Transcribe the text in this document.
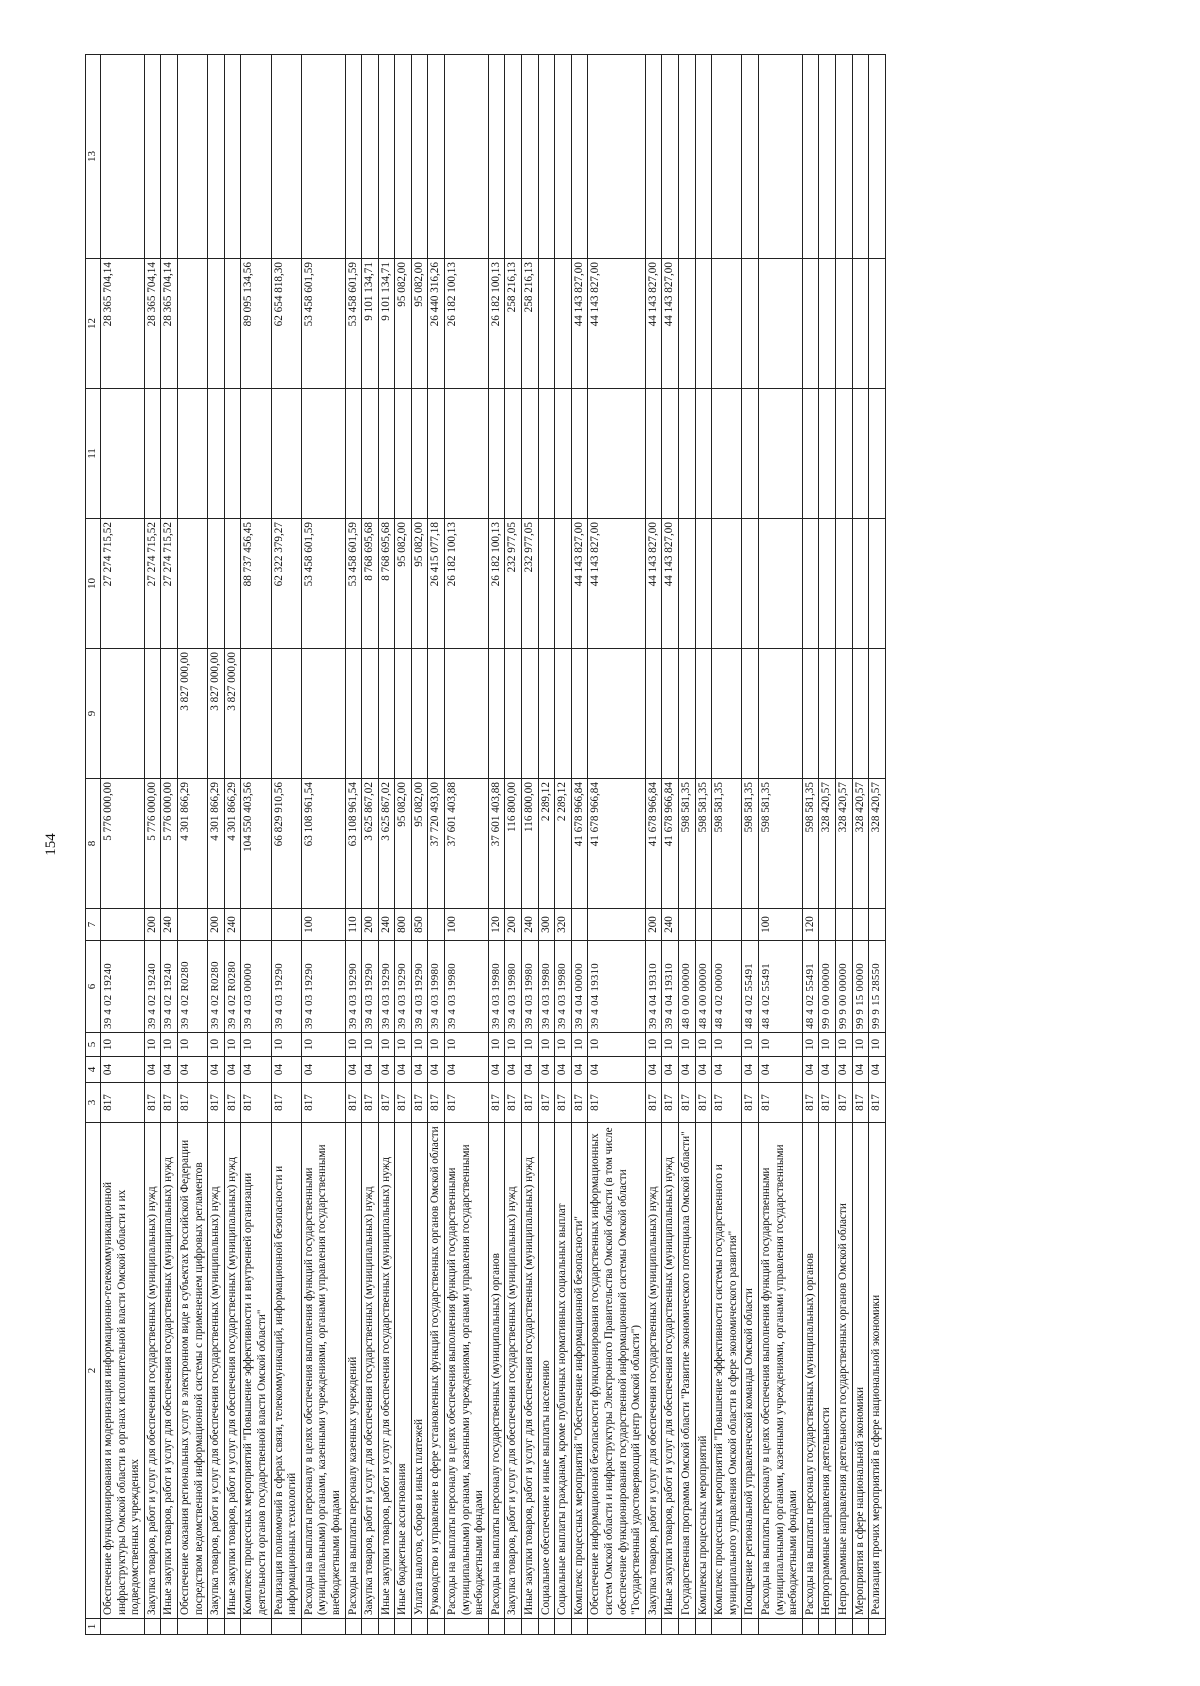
154
1	2	3	4	5	6	7	8	9	10	11	12	13
	Обеспечение функционирования и модернизация информационно-телекоммуникационной инфраструктуры Омской области в органах исполнительной власти Омской области и их подведомственных учреждениях	817	04	10	39 4 02 19240		5 776 000,00		27 274 715,52		28 365 704,14	
	Закупка товаров, работ и услуг для обеспечения государственных (муниципальных) нужд	817	04	10	39 4 02 19240	200	5 776 000,00		27 274 715,52		28 365 704,14	
	Иные закупки товаров, работ и услуг для обеспечения государственных (муниципальных) нужд	817	04	10	39 4 02 19240	240	5 776 000,00		27 274 715,52		28 365 704,14	
	Обеспечение оказания региональных услуг в электронном виде в субъектах Российской Федерации посредством ведомственной информационной системы с применением цифровых регламентов	817	04	10	39 4 02 R0280		4 301 866,29	3 827 000,00				
	Закупка товаров, работ и услуг для обеспечения государственных (муниципальных) нужд	817	04	10	39 4 02 R0280	200	4 301 866,29	3 827 000,00				
	Иные закупки товаров, работ и услуг для обеспечения государственных (муниципальных) нужд	817	04	10	39 4 02 R0280	240	4 301 866,29	3 827 000,00				
	Комплекс процессных мероприятий "Повышение эффективности и внутренней организации деятельности органов государственной власти Омской области"	817	04	10	39 4 03 00000		104 550 403,56		88 737 456,45		89 095 134,56	
	Реализация полномочий в сферах связи, телекоммуникаций, информационной безопасности и информационных технологий	817	04	10	39 4 03 19290		66 829 910,56		62 322 379,27		62 654 818,30	
	Расходы на выплаты персоналу в целях обеспечения выполнения функций государственными (муниципальными) органами, казенными учреждениями, органами управления государственными внебюджетными фондами	817	04	10	39 4 03 19290	100	63 108 961,54		53 458 601,59		53 458 601,59	
	Расходы на выплаты персоналу казенных учреждений	817	04	10	39 4 03 19290	110	63 108 961,54		53 458 601,59		53 458 601,59	
	Закупка товаров, работ и услуг для обеспечения государственных (муниципальных) нужд	817	04	10	39 4 03 19290	200	3 625 867,02		8 768 695,68		9 101 134,71	
	Иные закупки товаров, работ и услуг для обеспечения государственных (муниципальных) нужд	817	04	10	39 4 03 19290	240	3 625 867,02		8 768 695,68		9 101 134,71	
	Иные бюджетные ассигнования	817	04	10	39 4 03 19290	800	95 082,00		95 082,00		95 082,00	
	Уплата налогов, сборов и иных платежей	817	04	10	39 4 03 19290	850	95 082,00		95 082,00		95 082,00	
	Руководство и управление в сфере установленных функций государственных органов Омской области	817	04	10	39 4 03 19980		37 720 493,00		26 415 077,18		26 440 316,26	
	Расходы на выплаты персоналу в целях обеспечения выполнения функций государственными (муниципальными) органами, казенными учреждениями, органами управления государственными внебюджетными фондами	817	04	10	39 4 03 19980	100	37 601 403,88		26 182 100,13		26 182 100,13	
	Расходы на выплаты персоналу государственных (муниципальных) органов	817	04	10	39 4 03 19980	120	37 601 403,88		26 182 100,13		26 182 100,13	
	Закупка товаров, работ и услуг для обеспечения государственных (муниципальных) нужд	817	04	10	39 4 03 19980	200	116 800,00		232 977,05		258 216,13	
	Иные закупки товаров, работ и услуг для обеспечения государственных (муниципальных) нужд	817	04	10	39 4 03 19980	240	116 800,00		232 977,05		258 216,13	
	Социальное обеспечение и иные выплаты населению	817	04	10	39 4 03 19980	300	2 289,12					
	Социальные выплаты гражданам, кроме публичных нормативных социальных выплат	817	04	10	39 4 03 19980	320	2 289,12					
	Комплекс процессных мероприятий "Обеспечение информационной безопасности"	817	04	10	39 4 04 00000		41 678 966,84		44 143 827,00		44 143 827,00	
	Обеспечение информационной безопасности функционирования государственных информационных систем Омской области и инфраструктуры Электронного Правительства Омской области (в том числе обеспечение функционирования государственной информационной системы Омской области "Государственный удостоверяющий центр Омской области")	817	04	10	39 4 04 19310		41 678 966,84		44 143 827,00		44 143 827,00	
	Закупка товаров, работ и услуг для обеспечения государственных (муниципальных) нужд	817	04	10	39 4 04 19310	200	41 678 966,84		44 143 827,00		44 143 827,00	
	Иные закупки товаров, работ и услуг для обеспечения государственных (муниципальных) нужд	817	04	10	39 4 04 19310	240	41 678 966,84		44 143 827,00		44 143 827,00	
	Государственная программа Омской области "Развитие экономического потенциала Омской области"	817	04	10	48 0 00 00000		598 581,35					
	Комплексы процессных мероприятий	817	04	10	48 4 00 00000		598 581,35					
	Комплекс процессных мероприятий "Повышение эффективности системы государственного и муниципального управления Омской области в сфере экономического развития"	817	04	10	48 4 02 00000		598 581,35					
	Поощрение региональной управленческой команды Омской области	817	04	10	48 4 02 55491		598 581,35					
	Расходы на выплаты персоналу в целях обеспечения выполнения функций государственными (муниципальными) органами, казенными учреждениями, органами управления государственными внебюджетными фондами	817	04	10	48 4 02 55491	100	598 581,35					
	Расходы на выплаты персоналу государственных (муниципальных) органов	817	04	10	48 4 02 55491	120	598 581,35					
	Непрограммные направления деятельности	817	04	10	99 0 00 00000		328 420,57					
	Непрограммные направления деятельности государственных органов Омской области	817	04	10	99 9 00 00000		328 420,57					
	Мероприятия в сфере национальной экономики	817	04	10	99 9 15 00000		328 420,57					
	Реализация прочих мероприятий в сфере национальной экономики	817	04	10	99 9 15 28550		328 420,57					
